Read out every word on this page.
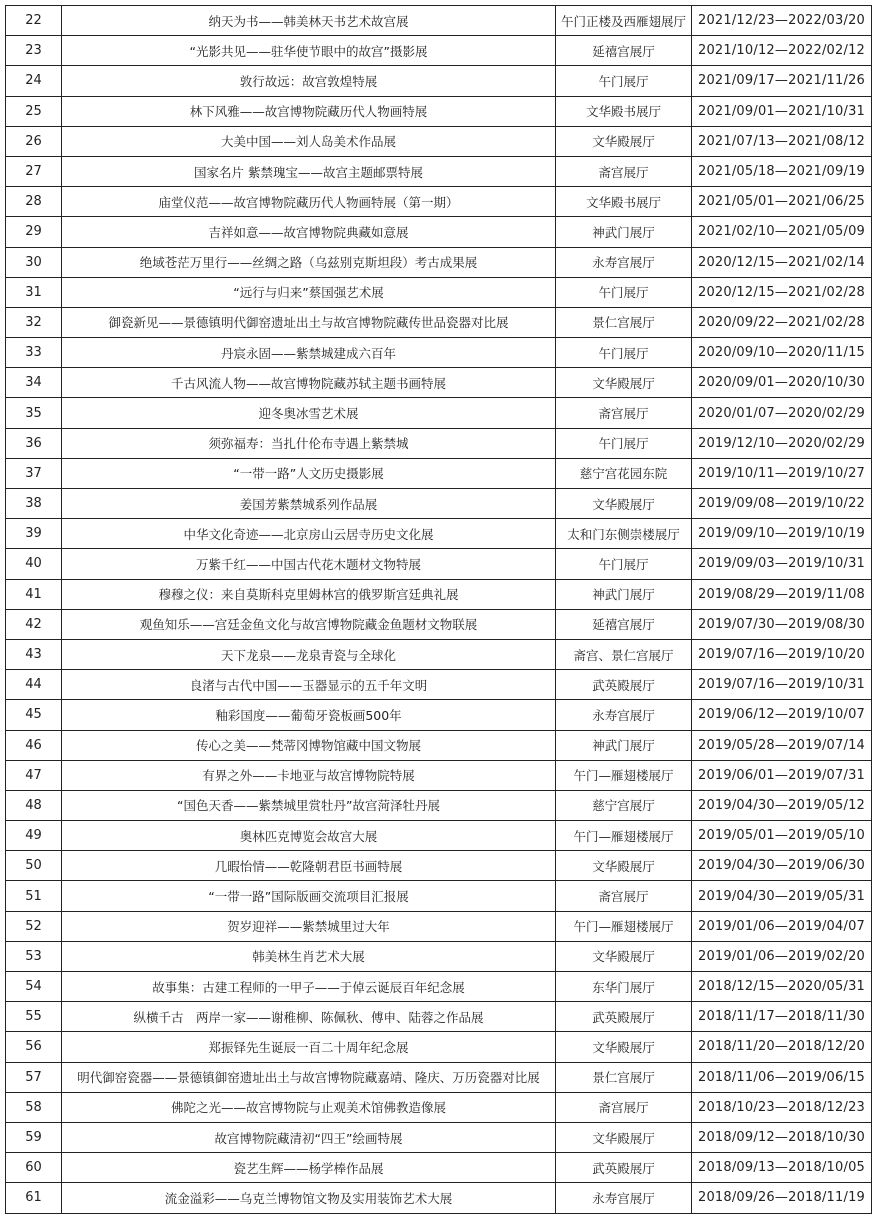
22	纳天为书——韩美林天书艺术故宫展	午门正楼及西雁翅展厅	2021/12/23—2022/03/20
23	“光影共见——驻华使节眼中的故宫”摄影展	延禧宫展厅	2021/10/12—2022/02/12
24	敦行故远：故宫敦煌特展	午门展厅	2021/09/17—2021/11/26
25	林下风雅——故宫博物院藏历代人物画特展	文华殿书展厅	2021/09/01—2021/10/31
26	大美中国——刘人岛美术作品展	文华殿展厅	2021/07/13—2021/08/12
27	国家名片 紫禁瑰宝——故宫主题邮票特展	斋宫展厅	2021/05/18—2021/09/19
28	庙堂仪范——故宫博物院藏历代人物画特展（第一期）	文华殿书展厅	2021/05/01—2021/06/25
29	吉祥如意——故宫博物院典藏如意展	神武门展厅	2021/02/10—2021/05/09
30	绝域苍茫万里行——丝绸之路（乌兹别克斯坦段）考古成果展	永寿宫展厅	2020/12/15—2021/02/14
31	“远行与归来”蔡国强艺术展	午门展厅	2020/12/15—2021/02/28
32	御瓷新见——景德镇明代御窑遗址出土与故宫博物院藏传世品瓷器对比展	景仁宫展厅	2020/09/22—2021/02/28
33	丹宸永固——紫禁城建成六百年	午门展厅	2020/09/10—2020/11/15
34	千古风流人物——故宫博物院藏苏轼主题书画特展	文华殿展厅	2020/09/01—2020/10/30
35	迎冬奥冰雪艺术展	斋宫展厅	2020/01/07—2020/02/29
36	须弥福寿：当扎什伦布寺遇上紫禁城	午门展厅	2019/12/10—2020/02/29
37	“一带一路”人文历史摄影展	慈宁宫花园东院	2019/10/11—2019/10/27
38	姜国芳紫禁城系列作品展	文华殿展厅	2019/09/08—2019/10/22
39	中华文化奇迹——北京房山云居寺历史文化展	太和门东侧崇楼展厅	2019/09/10—2019/10/19
40	万紫千红——中国古代花木题材文物特展	午门展厅	2019/09/03—2019/10/31
41	穆穆之仪：来自莫斯科克里姆林宫的俄罗斯宫廷典礼展	神武门展厅	2019/08/29—2019/11/08
42	观鱼知乐——宫廷金鱼文化与故宫博物院藏金鱼题材文物联展	延禧宫展厅	2019/07/30—2019/08/30
43	天下龙泉——龙泉青瓷与全球化	斋宫、景仁宫展厅	2019/07/16—2019/10/20
44	良渚与古代中国——玉器显示的五千年文明	武英殿展厅	2019/07/16—2019/10/31
45	釉彩国度——葡萄牙瓷板画500年	永寿宫展厅	2019/06/12—2019/10/07
46	传心之美——梵蒂冈博物馆藏中国文物展	神武门展厅	2019/05/28—2019/07/14
47	有界之外——卡地亚与故宫博物院特展	午门—雁翅楼展厅	2019/06/01—2019/07/31
48	“国色天香——紫禁城里赏牡丹”故宫菏泽牡丹展	慈宁宫展厅	2019/04/30—2019/05/12
49	奥林匹克博览会故宫大展	午门—雁翅楼展厅	2019/05/01—2019/05/10
50	几暇怡情——乾隆朝君臣书画特展	文华殿展厅	2019/04/30—2019/06/30
51	“一带一路”国际版画交流项目汇报展	斋宫展厅	2019/04/30—2019/05/31
52	贺岁迎祥——紫禁城里过大年	午门—雁翅楼展厅	2019/01/06—2019/04/07
53	韩美林生肖艺术大展	文华殿展厅	2019/01/06—2019/02/20
54	故事集：古建工程师的一甲子——于倬云诞辰百年纪念展	东华门展厅	2018/12/15—2020/05/31
55	纵横千古　两岸一家——谢稚柳、陈佩秋、傅申、陆蓉之作品展	武英殿展厅	2018/11/17—2018/11/30
56	郑振铎先生诞辰一百二十周年纪念展	文华殿展厅	2018/11/20—2018/12/20
57	明代御窑瓷器——景德镇御窑遗址出土与故宫博物院藏嘉靖、隆庆、万历瓷器对比展	景仁宫展厅	2018/11/06—2019/06/15
58	佛陀之光——故宫博物院与止观美术馆佛教造像展	斋宫展厅	2018/10/23—2018/12/23
59	故宫博物院藏清初“四王”绘画特展	文华殿展厅	2018/09/12—2018/10/30
60	瓷艺生辉——杨学棒作品展	武英殿展厅	2018/09/13—2018/10/05
61	流金溢彩——乌克兰博物馆文物及实用装饰艺术大展	永寿宫展厅	2018/09/26—2018/11/19
